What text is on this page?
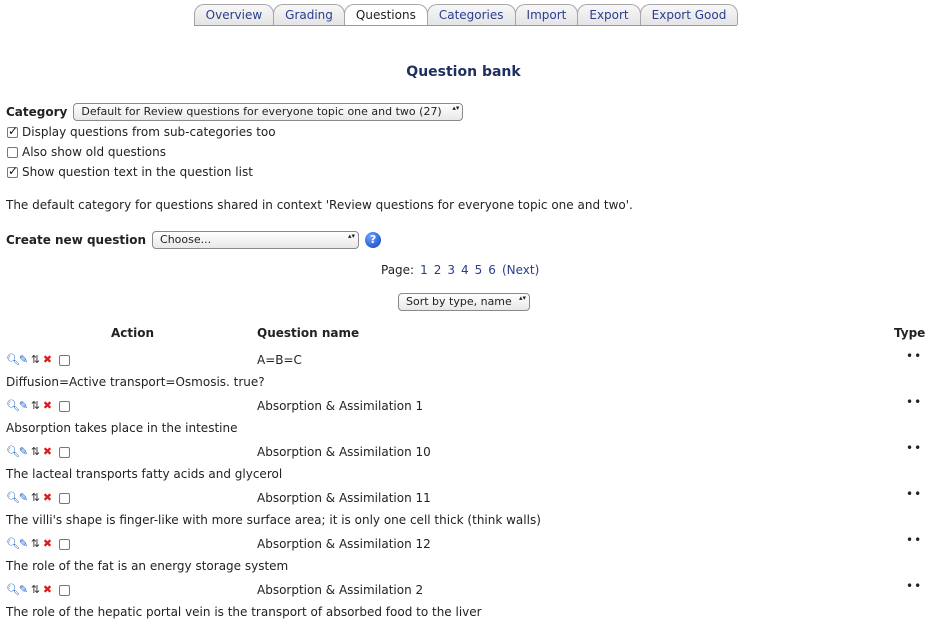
Overview	Grading	Questions	Categories	Import	Export	Export Good
Question bank
Category	Default for Review questions for everyone topic one and two (27) ▴▾
✓
Display questions from sub-categories too
Also show old questions
✓
Show question text in the question list
The default category for questions shared in context 'Review questions for everyone topic one and two'.
Create new question	Choose... ▴▾	?
Page: 1 2 3 4 5 6 (Next)
Sort by type, name ▴▾
Action	Question name	Type
🔍︎
✎ ⇅ ✖	A=B=C	••
Diffusion=Active transport=Osmosis. true?
🔍︎
✎ ⇅ ✖	Absorption & Assimilation 1	••
Absorption takes place in the intestine
🔍︎
✎ ⇅ ✖	Absorption & Assimilation 10	••
The lacteal transports fatty acids and glycerol
🔍︎
✎ ⇅ ✖	Absorption & Assimilation 11	••
The villi's shape is finger-like with more surface area; it is only one cell thick (think walls)
🔍︎
✎ ⇅ ✖	Absorption & Assimilation 12	••
The role of the fat is an energy storage system
🔍︎
✎ ⇅ ✖	Absorption & Assimilation 2	••
The role of the hepatic portal vein is the transport of absorbed food to the liver
